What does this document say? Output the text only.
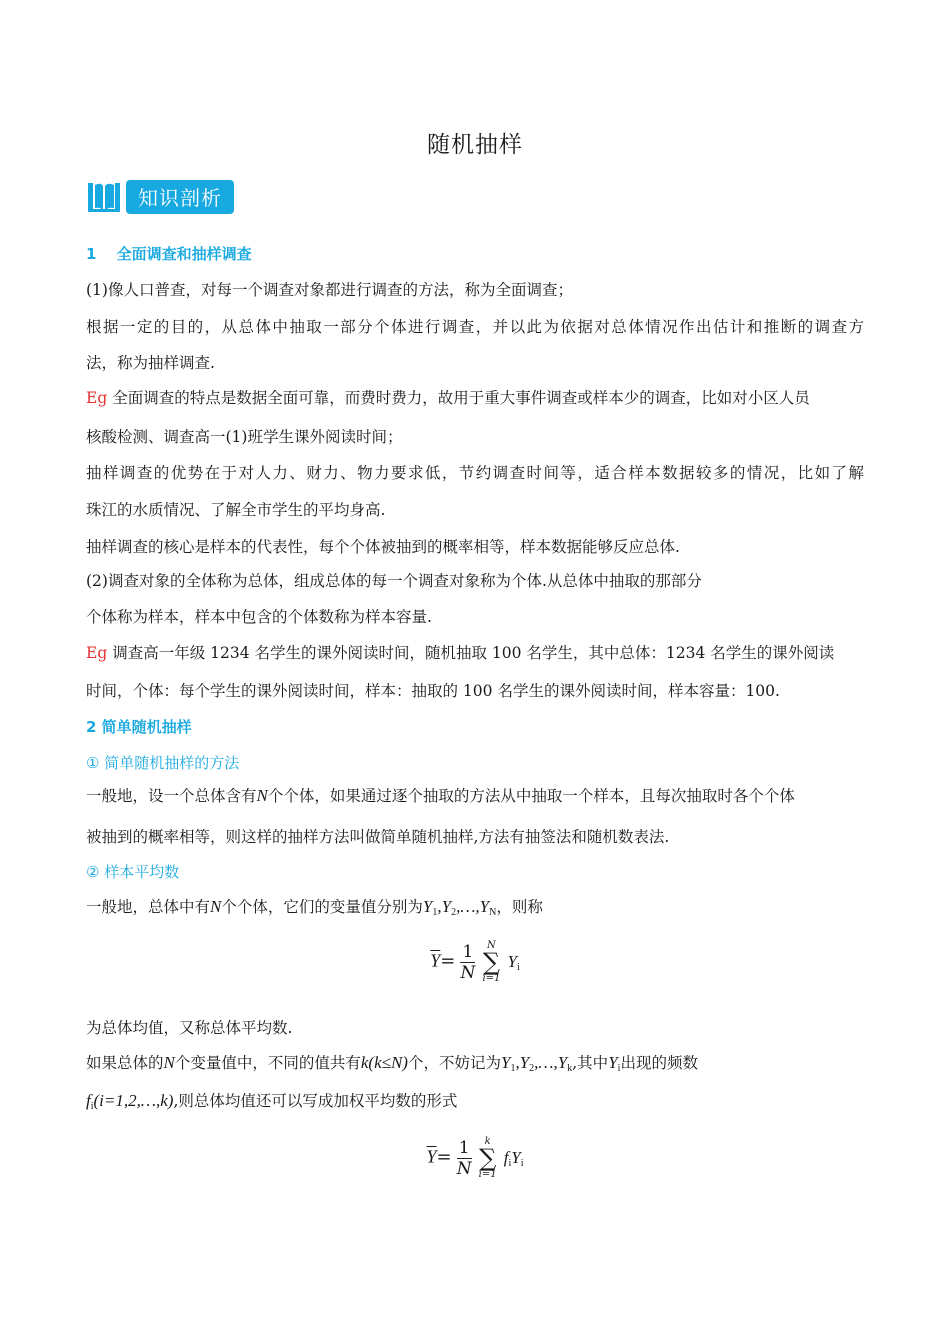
随机抽样
知识剖析
1　 全面调查和抽样调查
(1)像人口普查，对每一个调查对象都进行调查的方法，称为全面调查；
根据一定的目的，从总体中抽取一部分个体进行调查，并以此为依据对总体情况作出估计和推断的调查方
法，称为抽样调查.
Eg 全面调查的特点是数据全面可靠，而费时费力，故用于重大事件调查或样本少的调查，比如对小区人员
核酸检测、调查高一(1)班学生课外阅读时间；
抽样调查的优势在于对人力、财力、物力要求低，节约调查时间等，适合样本数据较多的情况，比如了解
珠江的水质情况、了解全市学生的平均身高.
抽样调查的核心是样本的代表性，每个个体被抽到的概率相等，样本数据能够反应总体.
(2)调查对象的全体称为总体，组成总体的每一个调查对象称为个体.从总体中抽取的那部分
个体称为样本，样本中包含的个体数称为样本容量.
Eg 调查高一年级 1234 名学生的课外阅读时间，随机抽取 100 名学生，其中总体：1234 名学生的课外阅读
时间，个体：每个学生的课外阅读时间，样本：抽取的 100 名学生的课外阅读时间，样本容量：100.
2 简单随机抽样
① 简单随机抽样的方法
一般地，设一个总体含有N个个体，如果通过逐个抽取的方法从中抽取一个样本，且每次抽取时各个个体
被抽到的概率相等，则这样的抽样方法叫做简单随机抽样,方法有抽签法和随机数表法.
② 样本平均数
一般地，总体中有N个个体，它们的变量值分别为$Y_1,Y_2,\dots,Y_N$，则称
$\overline{Y}= \frac{1}{N}$
	N
∑
i=1
$Y_i$
为总体均值，又称总体平均数.
如果总体的N个变量值中，不同的值共有k(k≤N)个，不妨记为$Y_1,Y_2,\dots,Y_k$,其中$Y_i$出现的频数
$f_i(i=1,2,\dots,k)$,则总体均值还可以写成加权平均数的形式
$\overline{Y}= \frac{1}{N}$
	k
∑
i=1
$f_iY_i$
